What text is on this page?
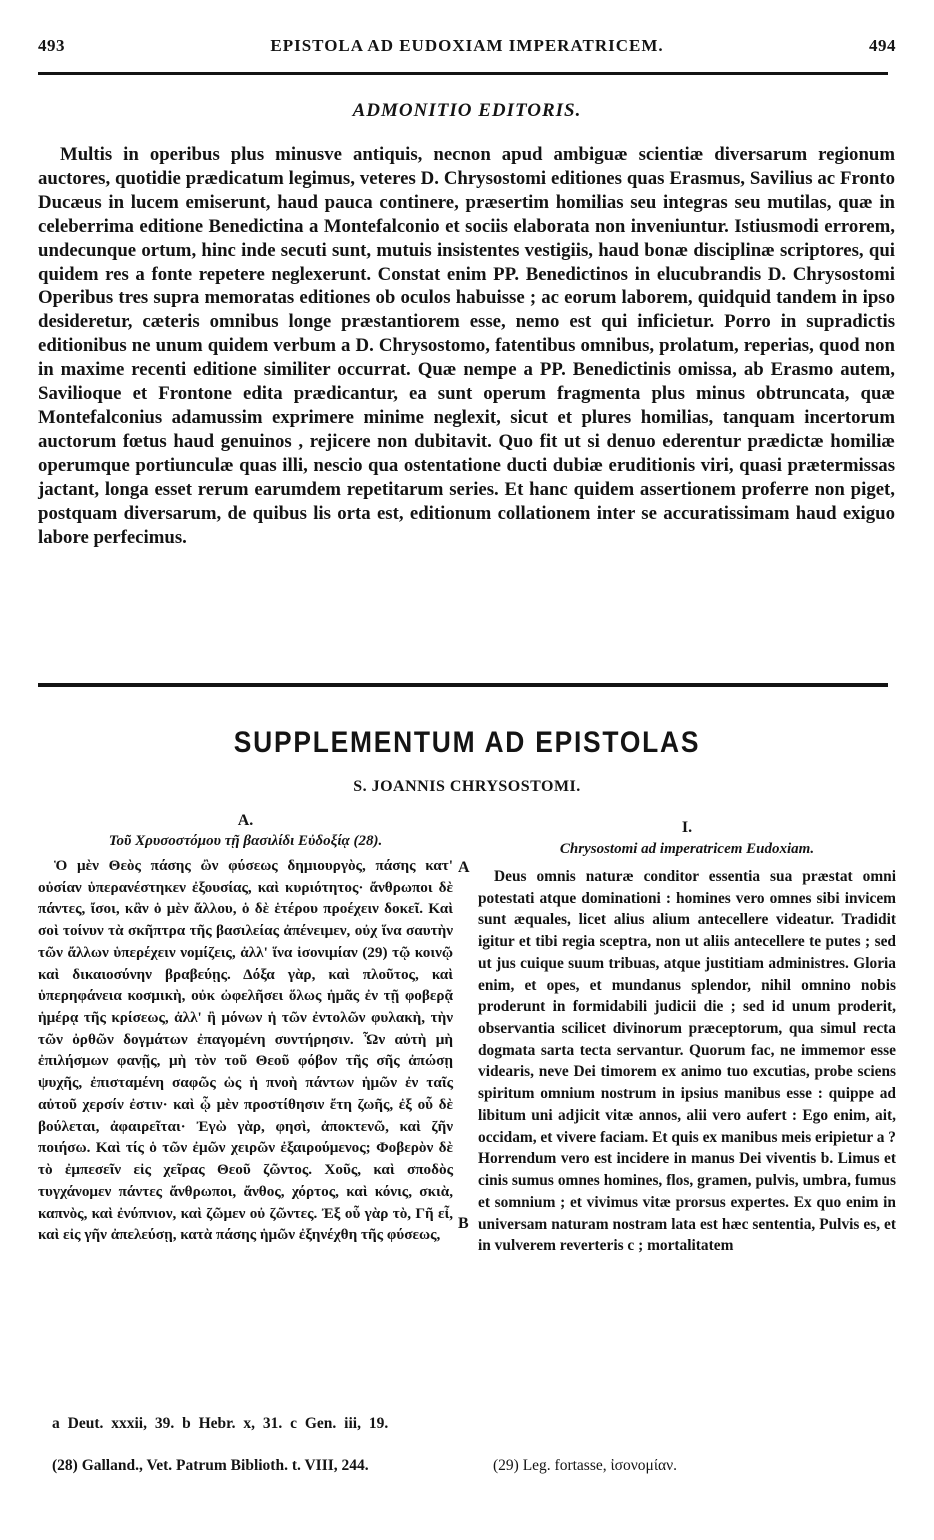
493	EPISTOLA AD EUDOXIAM IMPERATRICEM.	494
ADMONITIO EDITORIS.
Multis in operibus plus minusve antiquis, necnon apud ambiguæ scientiæ diversarum regionum auctores, quotidie prædicatum legimus, veteres D. Chrysostomi editiones quas Erasmus, Savilius ac Fronto Ducæus in lucem emiserunt, haud pauca continere, præsertim homilias seu integras seu mutilas, quæ in celeberrima editione Benedictina a Montefalconio et sociis elaborata non inveniuntur. Istiusmodi errorem, undecunque ortum, hinc inde secuti sunt, mutuis insistentes vestigiis, haud bonæ disciplinæ scriptores, qui quidem res a fonte repetere neglexerunt. Constat enim PP. Benedictinos in elucubrandis D. Chrysostomi Operibus tres supra memoratas editiones ob oculos habuisse ; ac eorum laborem, quidquid tandem in ipso desideretur, cæteris omnibus longe præstantiorem esse, nemo est qui inficietur. Porro in supradictis editionibus ne unum quidem verbum a D. Chrysostomo, fatentibus omnibus, prolatum, reperias, quod non in maxime recenti editione similiter occurrat. Quæ nempe a PP. Benedictinis omissa, ab Erasmo autem, Savilioque et Frontone edita prædicantur, ea sunt operum fragmenta plus minus obtruncata, quæ Montefalconius adamussim exprimere minime neglexit, sicut et plures homilias, tanquam incertorum auctorum fœtus haud genuinos , rejicere non dubitavit. Quo fit ut si denuo ederentur prædictæ homiliæ operumque portiunculæ quas illi, nescio qua ostentatione ducti dubiæ eruditionis viri, quasi prætermissas jactant, longa esset rerum earumdem repetitarum series. Et hanc quidem assertionem proferre non piget, postquam diversarum, de quibus lis orta est, editionum collationem inter se accuratissimam haud exiguo labore perfecimus.
SUPPLEMENTUM AD EPISTOLAS
S. JOANNIS CHRYSOSTOMI.
A.
Τοῦ Χρυσοστόμου τῇ βασιλίδι Εὐδοξίᾳ (28).
Ὁ μὲν Θεὸς πάσης ὢν φύσεως δημιουργὸς, πάσης κατ' οὐσίαν ὑπερανέστηκεν ἐξουσίας, καὶ κυριότητος· ἄνθρωποι δὲ πάντες, ἴσοι, κἂν ὁ μὲν ἄλλου, ὁ δὲ ἑτέρου προέχειν δοκεῖ. Καὶ σοὶ τοίνυν τὰ σκῆπτρα τῆς βασιλείας ἀπένειμεν, οὐχ ἵνα σαυτὴν τῶν ἄλλων ὑπερέχειν νομίζεις, ἀλλ' ἵνα ἰσονιμίαν (29) τῷ κοινῷ καὶ δικαιοσύνην βραβεύῃς. Δόξα γὰρ, καὶ πλοῦτος, καὶ ὑπερηφάνεια κοσμικὴ, οὐκ ὠφελῆσει ὅλως ἡμᾶς ἐν τῇ φοβερᾷ ἡμέρᾳ τῆς κρίσεως, ἀλλ' ἢ μόνων ἡ τῶν ἐντολῶν φυλακὴ, τὴν τῶν ὀρθῶν δογμάτων ἐπαγομένη συντήρησιν. Ὧν αὐτὴ μὴ ἐπιλήσμων φανῇς, μὴ τὸν τοῦ Θεοῦ φόβον τῆς σῆς ἀπώσῃ ψυχῆς, ἐπισταμένη σαφῶς ὡς ἡ πνοὴ πάντων ἡμῶν ἐν ταῖς αὐτοῦ χερσίν ἐστιν· καὶ ᾧ μὲν προστίθησιν ἔτη ζωῆς, ἐξ οὗ δὲ βούλεται, ἀφαιρεῖται· Ἐγὼ γὰρ, φησὶ, ἀποκτενῶ, καὶ ζῆν ποιήσω. Καὶ τίς ὁ τῶν ἐμῶν χειρῶν ἐξαιρούμενος; Φοβερὸν δὲ τὸ ἐμπεσεῖν εἰς χεῖρας Θεοῦ ζῶντος. Χοῦς, καὶ σποδὸς τυγχάνομεν πάντες ἄνθρωποι, ἄνθος, χόρτος, καὶ κόνις, σκιὰ, καπνὸς, καὶ ἐνύπνιον, καὶ ζῶμεν οὐ ζῶντες. Ἐξ οὗ γὰρ τὸ, Γῆ εἶ, καὶ εἰς γῆν ἀπελεύσῃ, κατὰ πάσης ἡμῶν ἐξηνέχθη τῆς φύσεως,
I.
Chrysostomi ad imperatricem Eudoxiam.
Deus omnis naturæ conditor essentia sua præstat omni potestati atque dominationi : homines vero omnes sibi invicem sunt æquales, licet alius alium antecellere videatur. Tradidit igitur et tibi regia sceptra, non ut aliis antecellere te putes ; sed ut jus cuique suum tribuas, atque justitiam administres. Gloria enim, et opes, et mundanus splendor, nihil omnino nobis proderunt in formidabili judicii die ; sed id unum proderit, observantia scilicet divinorum præceptorum, qua simul recta dogmata sarta tecta servantur. Quorum fac, ne immemor esse videaris, neve Dei timorem ex animo tuo excutias, probe sciens spiritum omnium nostrum in ipsius manibus esse : quippe ad libitum uni adjicit vitæ annos, alii vero aufert : Ego enim, ait, occidam, et vivere faciam. Et quis ex manibus meis eripietur a ? Horrendum vero est incidere in manus Dei viventis b. Limus et cinis sumus omnes homines, flos, gramen, pulvis, umbra, fumus et somnium ; et vivimus vitæ prorsus expertes. Ex quo enim in universam naturam nostram lata est hæc sententia, Pulvis es, et in vulverem reverteris c ; mortalitatem
A
B
a Deut. xxxii, 39. b Hebr. x, 31. c Gen. iii, 19.
(28) Galland., Vet. Patrum Biblioth. t. VIII, 244.	(29) Leg. fortasse, ἰσονομίαν.
